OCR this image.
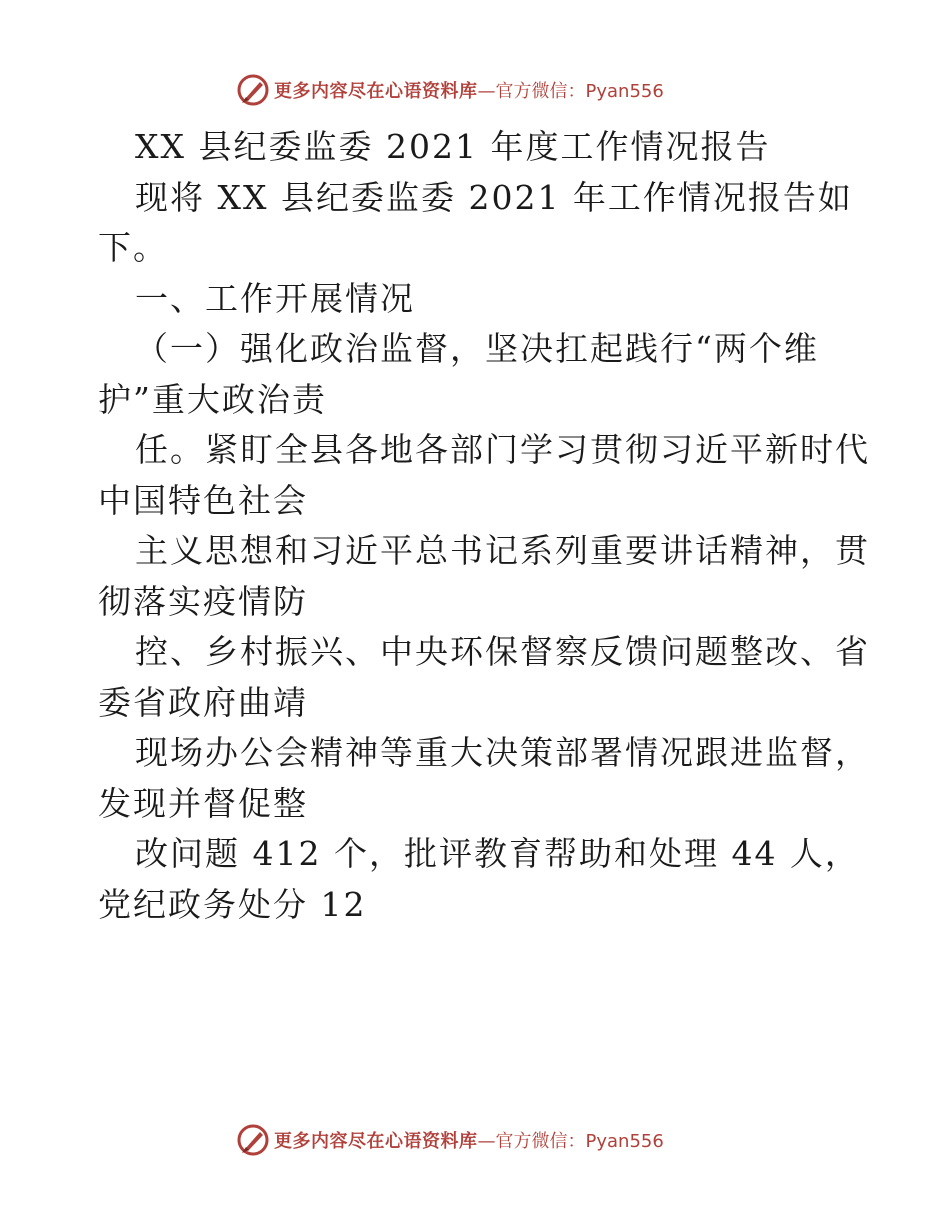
更多内容尽在心语资料库 —官方微信：Pyan556
XX 县纪委监委 2021 年度工作情况报告
现将 XX 县纪委监委 2021 年工作情况报告如
下。
一、工作开展情况
（一）强化政治监督，坚决扛起践行“两个维
护”重大政治责
任。紧盯全县各地各部门学习贯彻习近平新时代
中国特色社会
主义思想和习近平总书记系列重要讲话精神，贯
彻落实疫情防
控、乡村振兴、中央环保督察反馈问题整改、省
委省政府曲靖
现场办公会精神等重大决策部署情况跟进监督，
发现并督促整
改问题 412 个，批评教育帮助和处理 44 人，
党纪政务处分 12
更多内容尽在心语资料库 —官方微信：Pyan556
